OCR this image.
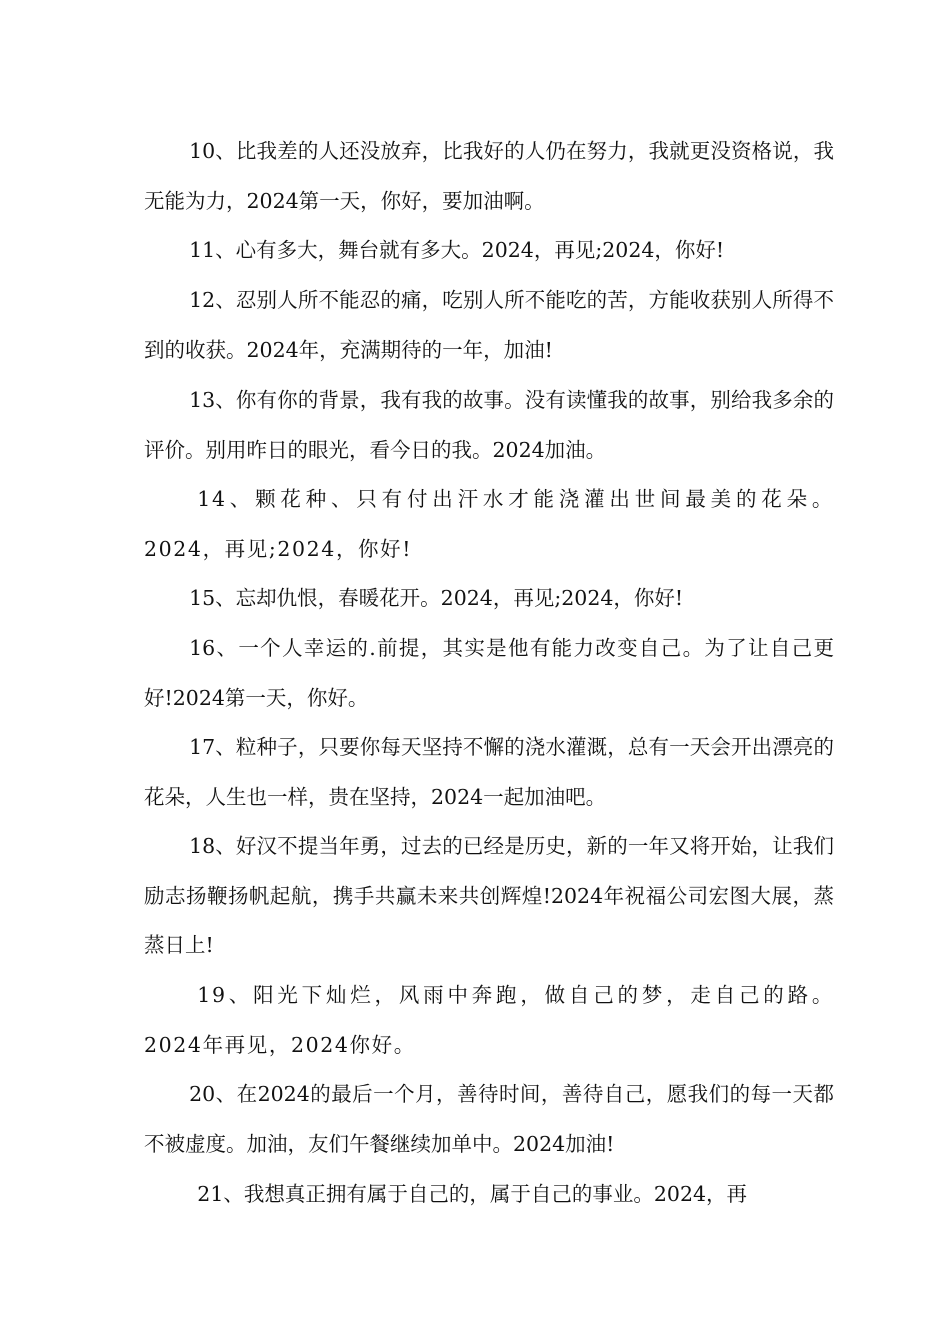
10、比我差的人还没放弃，比我好的人仍在努力，我就更没资格说，我无能为力，2024第一天，你好，要加油啊。

11、心有多大，舞台就有多大。2024，再见;2024，你好!

12、忍别人所不能忍的痛，吃别人所不能吃的苦，方能收获别人所得不到的收获。2024年，充满期待的一年，加油!

13、你有你的背景，我有我的故事。没有读懂我的故事，别给我多余的评价。别用昨日的眼光，看今日的我。2024加油。

14、颗花种、只有付出汗水才能浇灌出世间最美的花朵。2024，再见;2024，你好!

15、忘却仇恨，春暖花开。2024，再见;2024，你好!

16、一个人幸运的.前提，其实是他有能力改变自己。为了让自己更好!2024第一天，你好。

17、粒种子，只要你每天坚持不懈的浇水灌溉，总有一天会开出漂亮的花朵，人生也一样，贵在坚持，2024一起加油吧。

18、好汉不提当年勇，过去的已经是历史，新的一年又将开始，让我们励志扬鞭扬帆起航，携手共赢未来共创辉煌!2024年祝福公司宏图大展，蒸蒸日上!

19、阳光下灿烂，风雨中奔跑，做自己的梦，走自己的路。2024年再见，2024你好。

20、在2024的最后一个月，善待时间，善待自己，愿我们的每一天都不被虚度。加油，友们午餐继续加单中。2024加油!

21、我想真正拥有属于自己的，属于自己的事业。2024，再
